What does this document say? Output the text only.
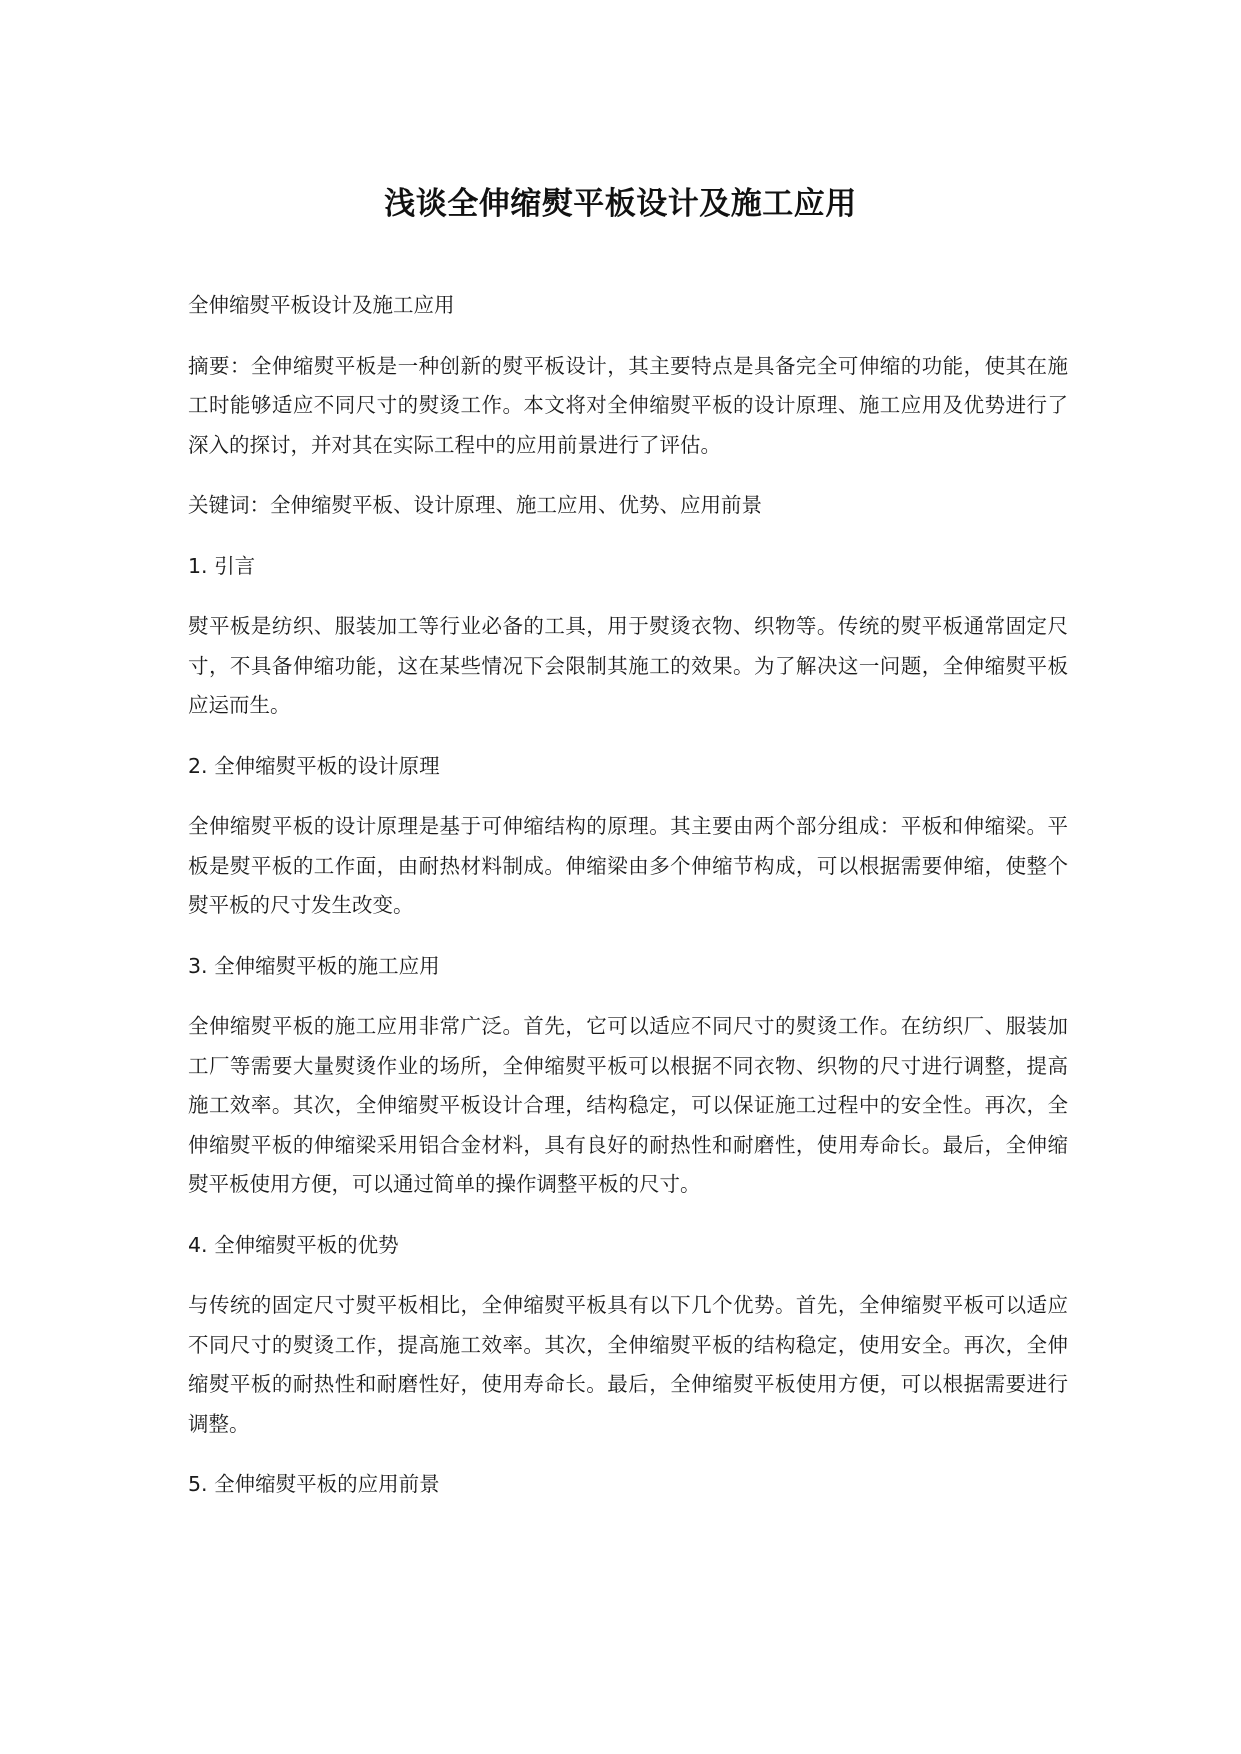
浅谈全伸缩熨平板设计及施工应用

全伸缩熨平板设计及施工应用

摘要：全伸缩熨平板是一种创新的熨平板设计，其主要特点是具备完全可伸缩的功能，使其在施工时能够适应不同尺寸的熨烫工作。本文将对全伸缩熨平板的设计原理、施工应用及优势进行了深入的探讨，并对其在实际工程中的应用前景进行了评估。

关键词：全伸缩熨平板、设计原理、施工应用、优势、应用前景

1. 引言

熨平板是纺织、服装加工等行业必备的工具，用于熨烫衣物、织物等。传统的熨平板通常固定尺寸，不具备伸缩功能，这在某些情况下会限制其施工的效果。为了解决这一问题，全伸缩熨平板应运而生。

2. 全伸缩熨平板的设计原理

全伸缩熨平板的设计原理是基于可伸缩结构的原理。其主要由两个部分组成：平板和伸缩梁。平板是熨平板的工作面，由耐热材料制成。伸缩梁由多个伸缩节构成，可以根据需要伸缩，使整个熨平板的尺寸发生改变。

3. 全伸缩熨平板的施工应用

全伸缩熨平板的施工应用非常广泛。首先，它可以适应不同尺寸的熨烫工作。在纺织厂、服装加工厂等需要大量熨烫作业的场所，全伸缩熨平板可以根据不同衣物、织物的尺寸进行调整，提高施工效率。其次，全伸缩熨平板设计合理，结构稳定，可以保证施工过程中的安全性。再次，全伸缩熨平板的伸缩梁采用铝合金材料，具有良好的耐热性和耐磨性，使用寿命长。最后，全伸缩熨平板使用方便，可以通过简单的操作调整平板的尺寸。

4. 全伸缩熨平板的优势

与传统的固定尺寸熨平板相比，全伸缩熨平板具有以下几个优势。首先，全伸缩熨平板可以适应不同尺寸的熨烫工作，提高施工效率。其次，全伸缩熨平板的结构稳定，使用安全。再次，全伸缩熨平板的耐热性和耐磨性好，使用寿命长。最后，全伸缩熨平板使用方便，可以根据需要进行调整。

5. 全伸缩熨平板的应用前景
